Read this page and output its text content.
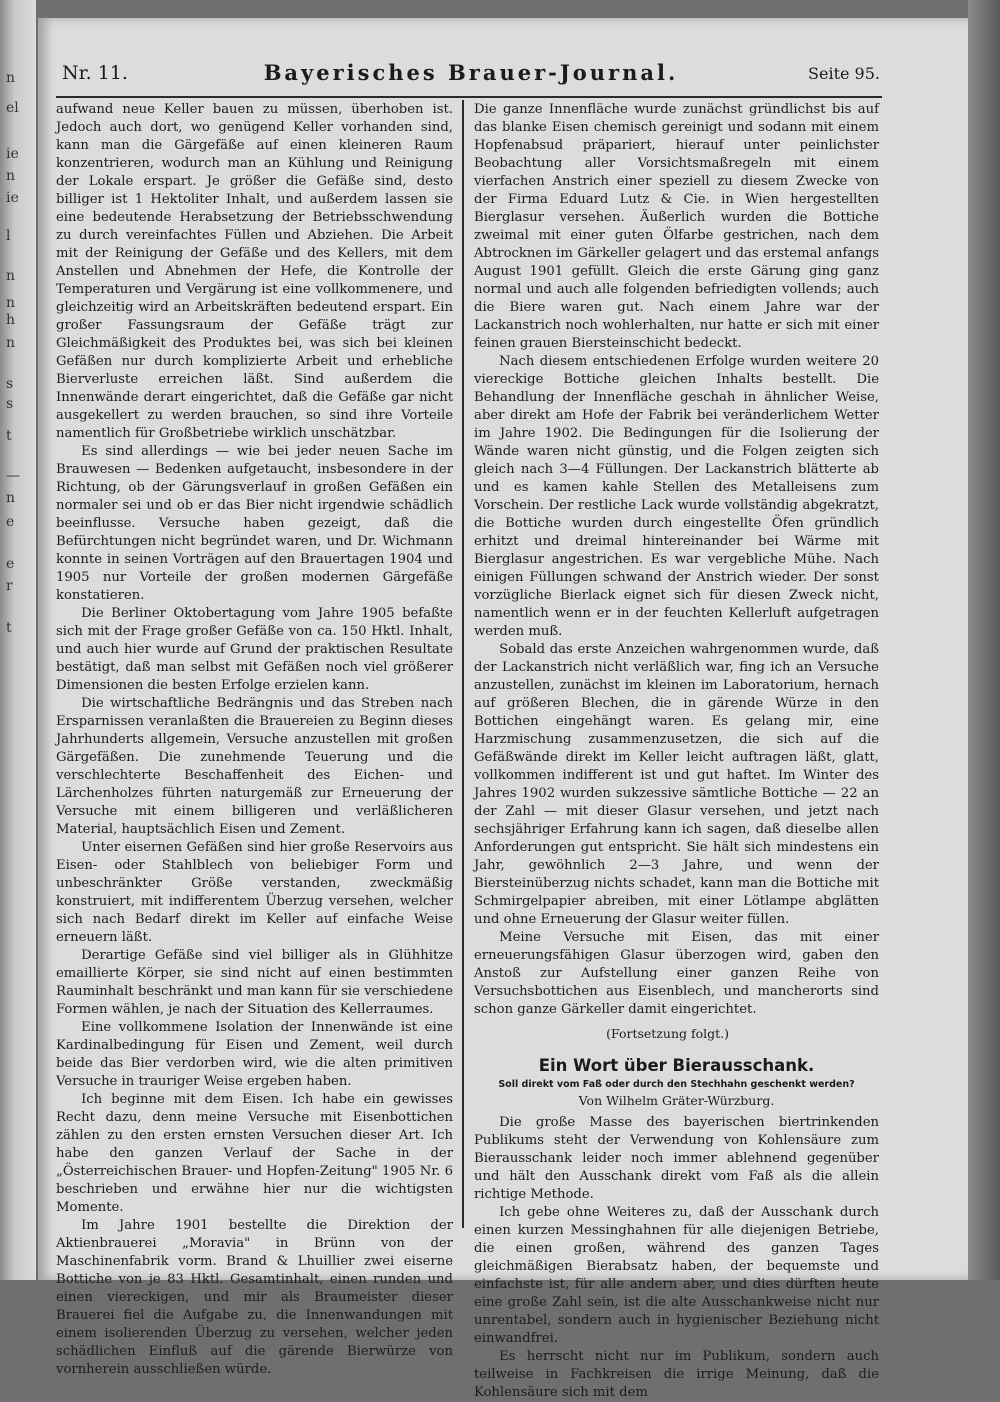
n
el
ie
n
ie
l
n
n
h
n
s
s
t
—
n
e
e
r
t
Nr. 11.	Bayerisches Brauer-Journal.	Seite 95.

aufwand neue Keller bauen zu müssen, überhoben ist. Jedoch auch dort, wo genügend Keller vorhanden sind, kann man die Gärgefäße auf einen kleineren Raum konzentrieren, wodurch man an Kühlung und Reinigung der Lokale erspart. Je größer die Gefäße sind, desto billiger ist 1 Hektoliter Inhalt, und außerdem lassen sie eine bedeutende Herabsetzung der Betriebsschwendung zu durch vereinfachtes Füllen und Abziehen. Die Arbeit mit der Reinigung der Gefäße und des Kellers, mit dem Anstellen und Abnehmen der Hefe, die Kontrolle der Temperaturen und Vergärung ist eine vollkommenere, und gleichzeitig wird an Arbeitskräften bedeutend erspart. Ein großer Fassungsraum der Gefäße trägt zur Gleichmäßigkeit des Produktes bei, was sich bei kleinen Gefäßen nur durch komplizierte Arbeit und erhebliche Bierverluste erreichen läßt. Sind außerdem die Innenwände derart eingerichtet, daß die Gefäße gar nicht ausgekellert zu werden brauchen, so sind ihre Vorteile namentlich für Großbetriebe wirklich unschätzbar.

Es sind allerdings — wie bei jeder neuen Sache im Brauwesen — Bedenken aufgetaucht, insbesondere in der Richtung, ob der Gärungsverlauf in großen Gefäßen ein normaler sei und ob er das Bier nicht irgendwie schädlich beeinflusse. Versuche haben gezeigt, daß die Befürchtungen nicht begründet waren, und Dr. Wichmann konnte in seinen Vorträgen auf den Brauertagen 1904 und 1905 nur Vorteile der großen modernen Gärgefäße konstatieren.

Die Berliner Oktobertagung vom Jahre 1905 befaßte sich mit der Frage großer Gefäße von ca. 150 Hktl. Inhalt, und auch hier wurde auf Grund der praktischen Resultate bestätigt, daß man selbst mit Gefäßen noch viel größerer Dimensionen die besten Erfolge erzielen kann.

Die wirtschaftliche Bedrängnis und das Streben nach Ersparnissen veranlaßten die Brauereien zu Beginn dieses Jahrhunderts allgemein, Versuche anzustellen mit großen Gärgefäßen. Die zunehmende Teuerung und die verschlechterte Beschaffenheit des Eichen- und Lärchenholzes führten naturgemäß zur Erneuerung der Versuche mit einem billigeren und verläßlicheren Material, hauptsächlich Eisen und Zement.

Unter eisernen Gefäßen sind hier große Reservoirs aus Eisen- oder Stahlblech von beliebiger Form und unbeschränkter Größe verstanden, zweckmäßig konstruiert, mit indifferentem Überzug versehen, welcher sich nach Bedarf direkt im Keller auf einfache Weise erneuern läßt.

Derartige Gefäße sind viel billiger als in Glühhitze emaillierte Körper, sie sind nicht auf einen bestimmten Rauminhalt beschränkt und man kann für sie verschiedene Formen wählen, je nach der Situation des Kellerraumes.

Eine vollkommene Isolation der Innenwände ist eine Kardinalbedingung für Eisen und Zement, weil durch beide das Bier verdorben wird, wie die alten primitiven Versuche in trauriger Weise ergeben haben.

Ich beginne mit dem Eisen. Ich habe ein gewisses Recht dazu, denn meine Versuche mit Eisenbottichen zählen zu den ersten ernsten Versuchen dieser Art. Ich habe den ganzen Verlauf der Sache in der „Österreichischen Brauer- und Hopfen-Zeitung" 1905 Nr. 6 beschrieben und erwähne hier nur die wichtigsten Momente.

Im Jahre 1901 bestellte die Direktion der Aktienbrauerei „Moravia" in Brünn von der Maschinenfabrik vorm. Brand & Lhuillier zwei eiserne Bottiche von je 83 Hktl. Gesamtinhalt, einen runden und einen viereckigen, und mir als Braumeister dieser Brauerei fiel die Aufgabe zu, die Innenwandungen mit einem isolierenden Überzug zu versehen, welcher jeden schädlichen Einfluß auf die gärende Bierwürze von vornherein ausschließen würde.

Die ganze Innenfläche wurde zunächst gründlichst bis auf das blanke Eisen chemisch gereinigt und sodann mit einem Hopfenabsud präpariert, hierauf unter peinlichster Beobachtung aller Vorsichtsmaßregeln mit einem vierfachen Anstrich einer speziell zu diesem Zwecke von der Firma Eduard Lutz & Cie. in Wien hergestellten Bierglasur versehen. Äußerlich wurden die Bottiche zweimal mit einer guten Ölfarbe gestrichen, nach dem Abtrocknen im Gärkeller gelagert und das erstemal anfangs August 1901 gefüllt. Gleich die erste Gärung ging ganz normal und auch alle folgenden befriedigten vollends; auch die Biere waren gut. Nach einem Jahre war der Lackanstrich noch wohlerhalten, nur hatte er sich mit einer feinen grauen Biersteinschicht bedeckt.

Nach diesem entschiedenen Erfolge wurden weitere 20 viereckige Bottiche gleichen Inhalts bestellt. Die Behandlung der Innenfläche geschah in ähnlicher Weise, aber direkt am Hofe der Fabrik bei veränderlichem Wetter im Jahre 1902. Die Bedingungen für die Isolierung der Wände waren nicht günstig, und die Folgen zeigten sich gleich nach 3—4 Füllungen. Der Lackanstrich blätterte ab und es kamen kahle Stellen des Metalleisens zum Vorschein. Der restliche Lack wurde vollständig abgekratzt, die Bottiche wurden durch eingestellte Öfen gründlich erhitzt und dreimal hintereinander bei Wärme mit Bierglasur angestrichen. Es war vergebliche Mühe. Nach einigen Füllungen schwand der Anstrich wieder. Der sonst vorzügliche Bierlack eignet sich für diesen Zweck nicht, namentlich wenn er in der feuchten Kellerluft aufgetragen werden muß.

Sobald das erste Anzeichen wahrgenommen wurde, daß der Lackanstrich nicht verläßlich war, fing ich an Versuche anzustellen, zunächst im kleinen im Laboratorium, hernach auf größeren Blechen, die in gärende Würze in den Bottichen eingehängt waren. Es gelang mir, eine Harzmischung zusammenzusetzen, die sich auf die Gefäßwände direkt im Keller leicht auftragen läßt, glatt, vollkommen indifferent ist und gut haftet. Im Winter des Jahres 1902 wurden sukzessive sämtliche Bottiche — 22 an der Zahl — mit dieser Glasur versehen, und jetzt nach sechsjähriger Erfahrung kann ich sagen, daß dieselbe allen Anforderungen gut entspricht. Sie hält sich mindestens ein Jahr, gewöhnlich 2—3 Jahre, und wenn der Biersteinüberzug nichts schadet, kann man die Bottiche mit Schmirgelpapier abreiben, mit einer Lötlampe abglätten und ohne Erneuerung der Glasur weiter füllen.

Meine Versuche mit Eisen, das mit einer erneuerungsfähigen Glasur überzogen wird, gaben den Anstoß zur Aufstellung einer ganzen Reihe von Versuchsbottichen aus Eisenblech, und mancherorts sind schon ganze Gärkeller damit eingerichtet.

(Fortsetzung folgt.)
Ein Wort über Bierausschank.
Soll direkt vom Faß oder durch den Stechhahn geschenkt werden?
Von Wilhelm Gräter-Würzburg.

Die große Masse des bayerischen biertrinkenden Publikums steht der Verwendung von Kohlensäure zum Bierausschank leider noch immer ablehnend gegenüber und hält den Ausschank direkt vom Faß als die allein richtige Methode.

Ich gebe ohne Weiteres zu, daß der Ausschank durch einen kurzen Messinghahnen für alle diejenigen Betriebe, die einen großen, während des ganzen Tages gleichmäßigen Bierabsatz haben, der bequemste und einfachste ist, für alle andern aber, und dies dürften heute eine große Zahl sein, ist die alte Ausschankweise nicht nur unrentabel, sondern auch in hygienischer Beziehung nicht einwandfrei.

Es herrscht nicht nur im Publikum, sondern auch teilweise in Fachkreisen die irrige Meinung, daß die Kohlensäure sich mit dem
